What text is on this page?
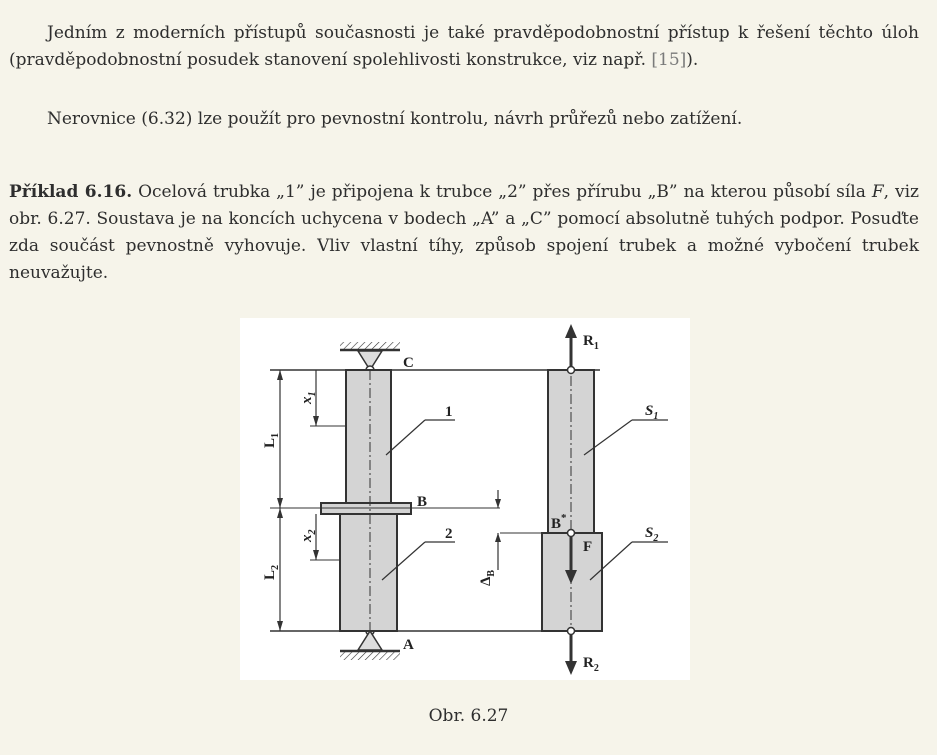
Jedním z moderních přístupů současnosti je také pravděpodobnostní přístup k řešení těchto úloh (pravděpodobnostní posudek stanovení spolehlivosti konstrukce, viz např. [15]).
Nerovnice (6.32) lze použít pro pevnostní kontrolu, návrh průřezů nebo zatížení.
Příklad 6.16. Ocelová trubka „1” je připojena k trubce „2” přes přírubu „B” na kterou působí síla F, viz obr. 6.27. Soustava je na koncích uchycena v bodech „A” a „C” pomocí absolutně tuhých podpor. Posuďte zda součást pevnostně vyhovuje. Vliv vlastní tíhy, způsob spojení trubek a možné vybočení trubek neuvažujte.
C
A
B
1
2
$L_1$
$L_2$
$x_1$
$x_2$
$\Delta_B$
$R_1$
$R_2$
F
B*
$S_1$
$S_2$
Obr. 6.27
